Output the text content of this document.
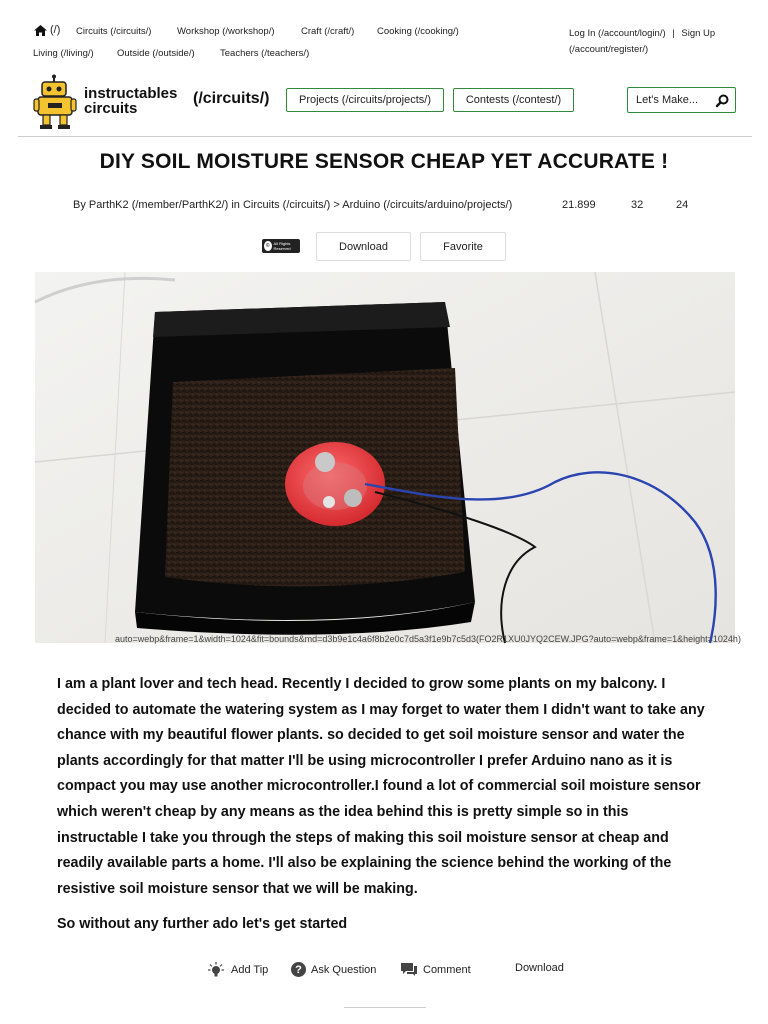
(/) Circuits (/circuits/)	Workshop (/workshop/)	Craft (/craft/) Cooking (/cooking/)
Living (/living/) Outside (/outside/)	Teachers (/teachers/)
Log In (/account/login/) | Sign Up
(/account/register/)
instructables
circuits
(/circuits/)	Projects (/circuits/projects/)	Contests (/contest/)	Let's Make...
DIY SOIL MOISTURE SENSOR CHEAP YET ACCURATE !
By ParthK2 (/member/ParthK2/) in Circuits (/circuits/) > Arduino (/circuits/arduino/projects/)	21.899	32	24
© All Rights Reserved	Download	Favorite
auto=webp&frame=1&width=1024&fit=bounds&md=d3b9e1c4a6f8b2e0c7d5a3f1e9b7c5d3(FO2R1XU0JYQ2CEW.JPG?auto=webp&frame=1&height=1024h)

I am a plant lover and tech head. Recently I decided to grow some plants on my balcony. I decided to automate the watering system as I may forget to water them I didn't want to take any chance with my beautiful flower plants. so decided to get soil moisture sensor and water the plants accordingly for that matter I'll be using microcontroller I prefer Arduino nano as it is compact you may use another microcontroller.I found a lot of commercial soil moisture sensor which weren't cheap by any means as the idea behind this is pretty simple so in this instructable I take you through the steps of making this soil moisture sensor at cheap and readily available parts a home. I'll also be explaining the science behind the working of the resistive soil moisture sensor that we will be making.

So without any further ado let's get started

Add Tip	? Ask Question	Comment	Download
